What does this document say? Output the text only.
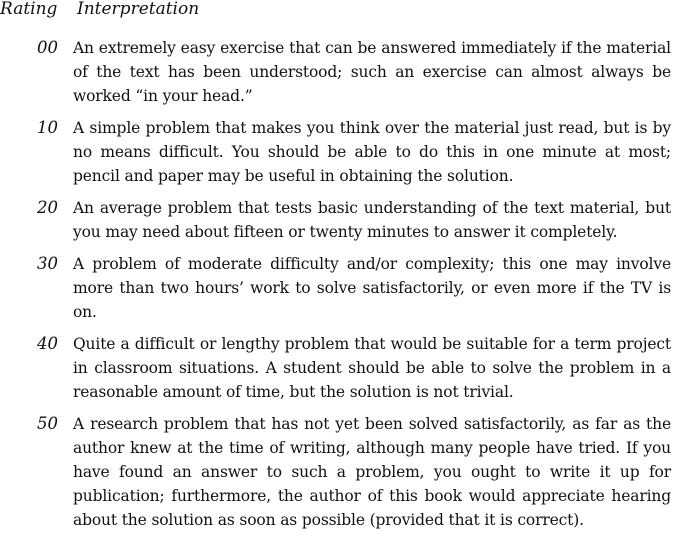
Rating Interpretation
00 An extremely easy exercise that can be answered immediately if the material of the text has been understood; such an exercise can almost always be worked “in your head.”
10 A simple problem that makes you think over the material just read, but is by no means difficult. You should be able to do this in one minute at most; pencil and paper may be useful in obtaining the solution.
20 An average problem that tests basic understanding of the text material, but you may need about fifteen or twenty minutes to answer it completely.
30 A problem of moderate difficulty and/or complexity; this one may involve more than two hours’ work to solve satisfactorily, or even more if the TV is on.
40 Quite a difficult or lengthy problem that would be suitable for a term project in classroom situations. A student should be able to solve the problem in a reasonable amount of time, but the solution is not trivial.
50 A research problem that has not yet been solved satisfactorily, as far as the author knew at the time of writing, although many people have tried. If you have found an answer to such a problem, you ought to write it up for publication; furthermore, the author of this book would appreciate hearing about the solution as soon as possible (provided that it is correct).
